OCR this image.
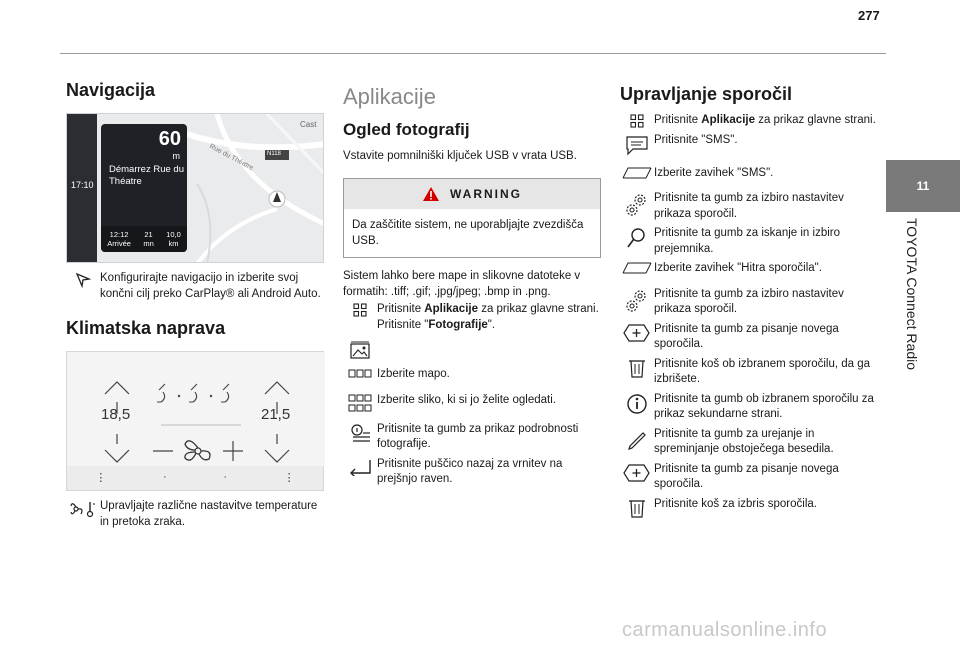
277
11
TOYOTA Connect Radio
Navigacija
17:10
N118
Cast
Rue du Théatre
60
m
Démarrez Rue du Théatre
12:12
Arrivée
21
mn
10,0
km
Konfigurirajte navigacijo in izberite svoj končni cilj preko CarPlay® ali Android Auto.
Klimatska naprava
18,5	21,5
⋮	·	·	⋮
Upravljajte različne nastavitve temperature in pretoka zraka.
Aplikacije
Ogled fotografij

Vstavite pomnilniški ključek USB v vrata USB.

WARNING
Da zaščitite sistem, ne uporabljajte zvezdišča USB.

Sistem lahko bere mape in slikovne datoteke v formatih: .tiff; .gif; .jpg/jpeg; .bmp in .png.

Pritisnite Aplikacije za prikaz glavne strani.
Pritisnite "Fotografije".
Izberite mapo.
Izberite sliko, ki si jo želite ogledati.
Pritisnite ta gumb za prikaz podrobnosti fotografije.
Pritisnite puščico nazaj za vrnitev na prejšnjo raven.
Upravljanje sporočil
Pritisnite Aplikacije za prikaz glavne strani.
Pritisnite "SMS".
Izberite zavihek "SMS".
Pritisnite ta gumb za izbiro nastavitev prikaza sporočil.
Pritisnite ta gumb za iskanje in izbiro prejemnika.
Izberite zavihek "Hitra sporočila".
Pritisnite ta gumb za izbiro nastavitev prikaza sporočil.
Pritisnite ta gumb za pisanje novega sporočila.
Pritisnite koš ob izbranem sporočilu, da ga izbrišete.
Pritisnite ta gumb ob izbranem sporočilu za prikaz sekundarne strani.
Pritisnite ta gumb za urejanje in spreminjanje obstoječega besedila.
Pritisnite ta gumb za pisanje novega sporočila.
Pritisnite koš za izbris sporočila.
carmanualsonline.info
